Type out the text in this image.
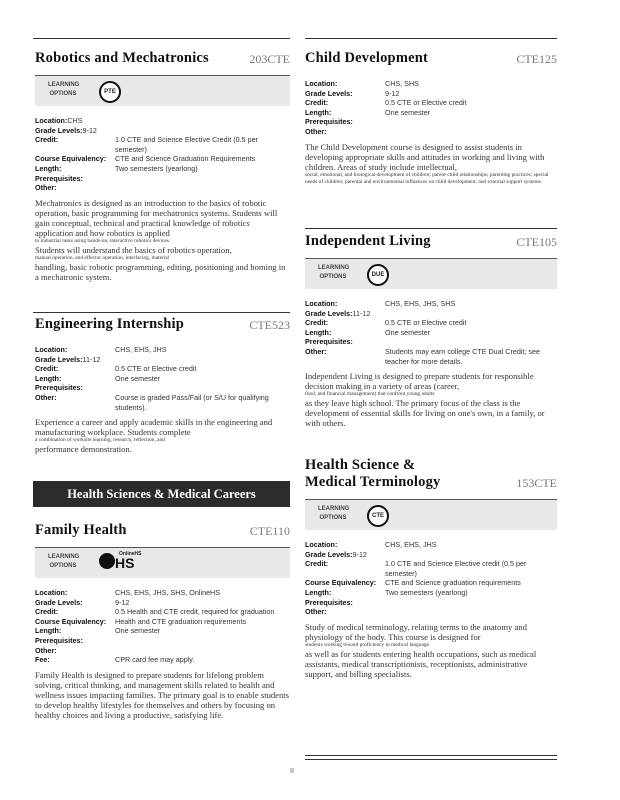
Robotics and Mechatronics	203CTE
LEARNING OPTIONS	PTE
Location: CHS
Grade Levels: 9-12
Credit:	1.0 CTE and Science Elective Credit (0.5 per semester)
Course Equivalency:	CTE and Science Graduation Requirements
Length:	Two semesters (yearlong)
Prerequisites:
Other:
Mechatronics is designed as an introduction to the basics of robotic operation, basic programming for mechatronics systems. Students will gain conceptual, technical and practical knowledge of robotics application and how robotics is applied
to industrial tasks using hands-on, interactive robotics devices.
Students will understand the basics of robotics operation,
manual operation, end effector operation, interfacing, material
handling, basic robotic programming, editing, positioning and homing in a mechatronic system.
Engineering Internship	CTE523
Location:	CHS, EHS, JHS
Grade Levels: 11-12
Credit:	0.5 CTE or Elective credit
Length:	One semester
Prerequisites:
Other:	Course is graded Pass/Fail (or S/U for qualifying students).
Experience a career and apply academic skills in the engineering and manufacturing workplace. Students complete
a combination of worksite learning, research, reflection, and
performance demonstration.
Family Health	CTE110
LEARNING OPTIONS
OnlineHS
HS
Location:	CHS, EHS, JHS, SHS, OnlineHS
Grade Levels:	9-12
Credit:	0.5 Health and CTE credit, required for graduation
Course Equivalency:	Health and CTE graduation requirements
Length:	One semester
Prerequisites:
Other:
Fee:	CPR card fee may apply.
Family Health is designed to prepare students for lifelong problem solving, critical thinking, and management skills related to health and wellness issues impacting families. The primary goal is to enable students to develop healthy lifestyles for themselves and others by focusing on healthy choices and living a productive, satisfying life.
Health Sciences & Medical Careers
Child Development	CTE125
Location:	CHS, SHS
Grade Levels:	9-12
Credit:	0.5 CTE or Elective credit
Length:	One semester
Prerequisites:
Other:
The Child Development course is designed to assist students in developing appropriate skills and attitudes in working and living with children. Areas of study include intellectual,
social, emotional, and biological development of children; parent-child relationships; parenting practices; special needs of children; parental and environmental influences on child development; and external support systems.
Independent Living	CTE105
LEARNING OPTIONS	DUE
Location:	CHS, EHS, JHS, SHS
Grade Levels: 11-12
Credit:	0.5 CTE or Elective credit
Length:	One semester
Prerequisites:
Other:	Students may earn college CTE Dual Credit; see teacher for more details.
Independent Living is designed to prepare students for responsible decision making in a variety of areas (career,
food, and financial management) that confront young adults
as they leave high school. The primary focus of the class is the development of essential skills for living on one's own, in a family, or with others.
Health Science &
Medical Terminology	153CTE
LEARNING OPTIONS	CTE
Location:	CHS, EHS, JHS
Grade Levels: 9-12
Credit:	1.0 CTE and Science Elective credit (0.5 per semester)
Course Equivalency:	CTE and Science graduation requirements
Length:	Two semesters (yearlong)
Prerequisites:
Other:
Study of medical terminology, relating terms to the anatomy and physiology of the body. This course is designed for
students working toward proficiency in medical language
as well as for students entering health occupations, such as medical assistants, medical transcriptionists, receptionists, administrative support, and billing specialists.
II
